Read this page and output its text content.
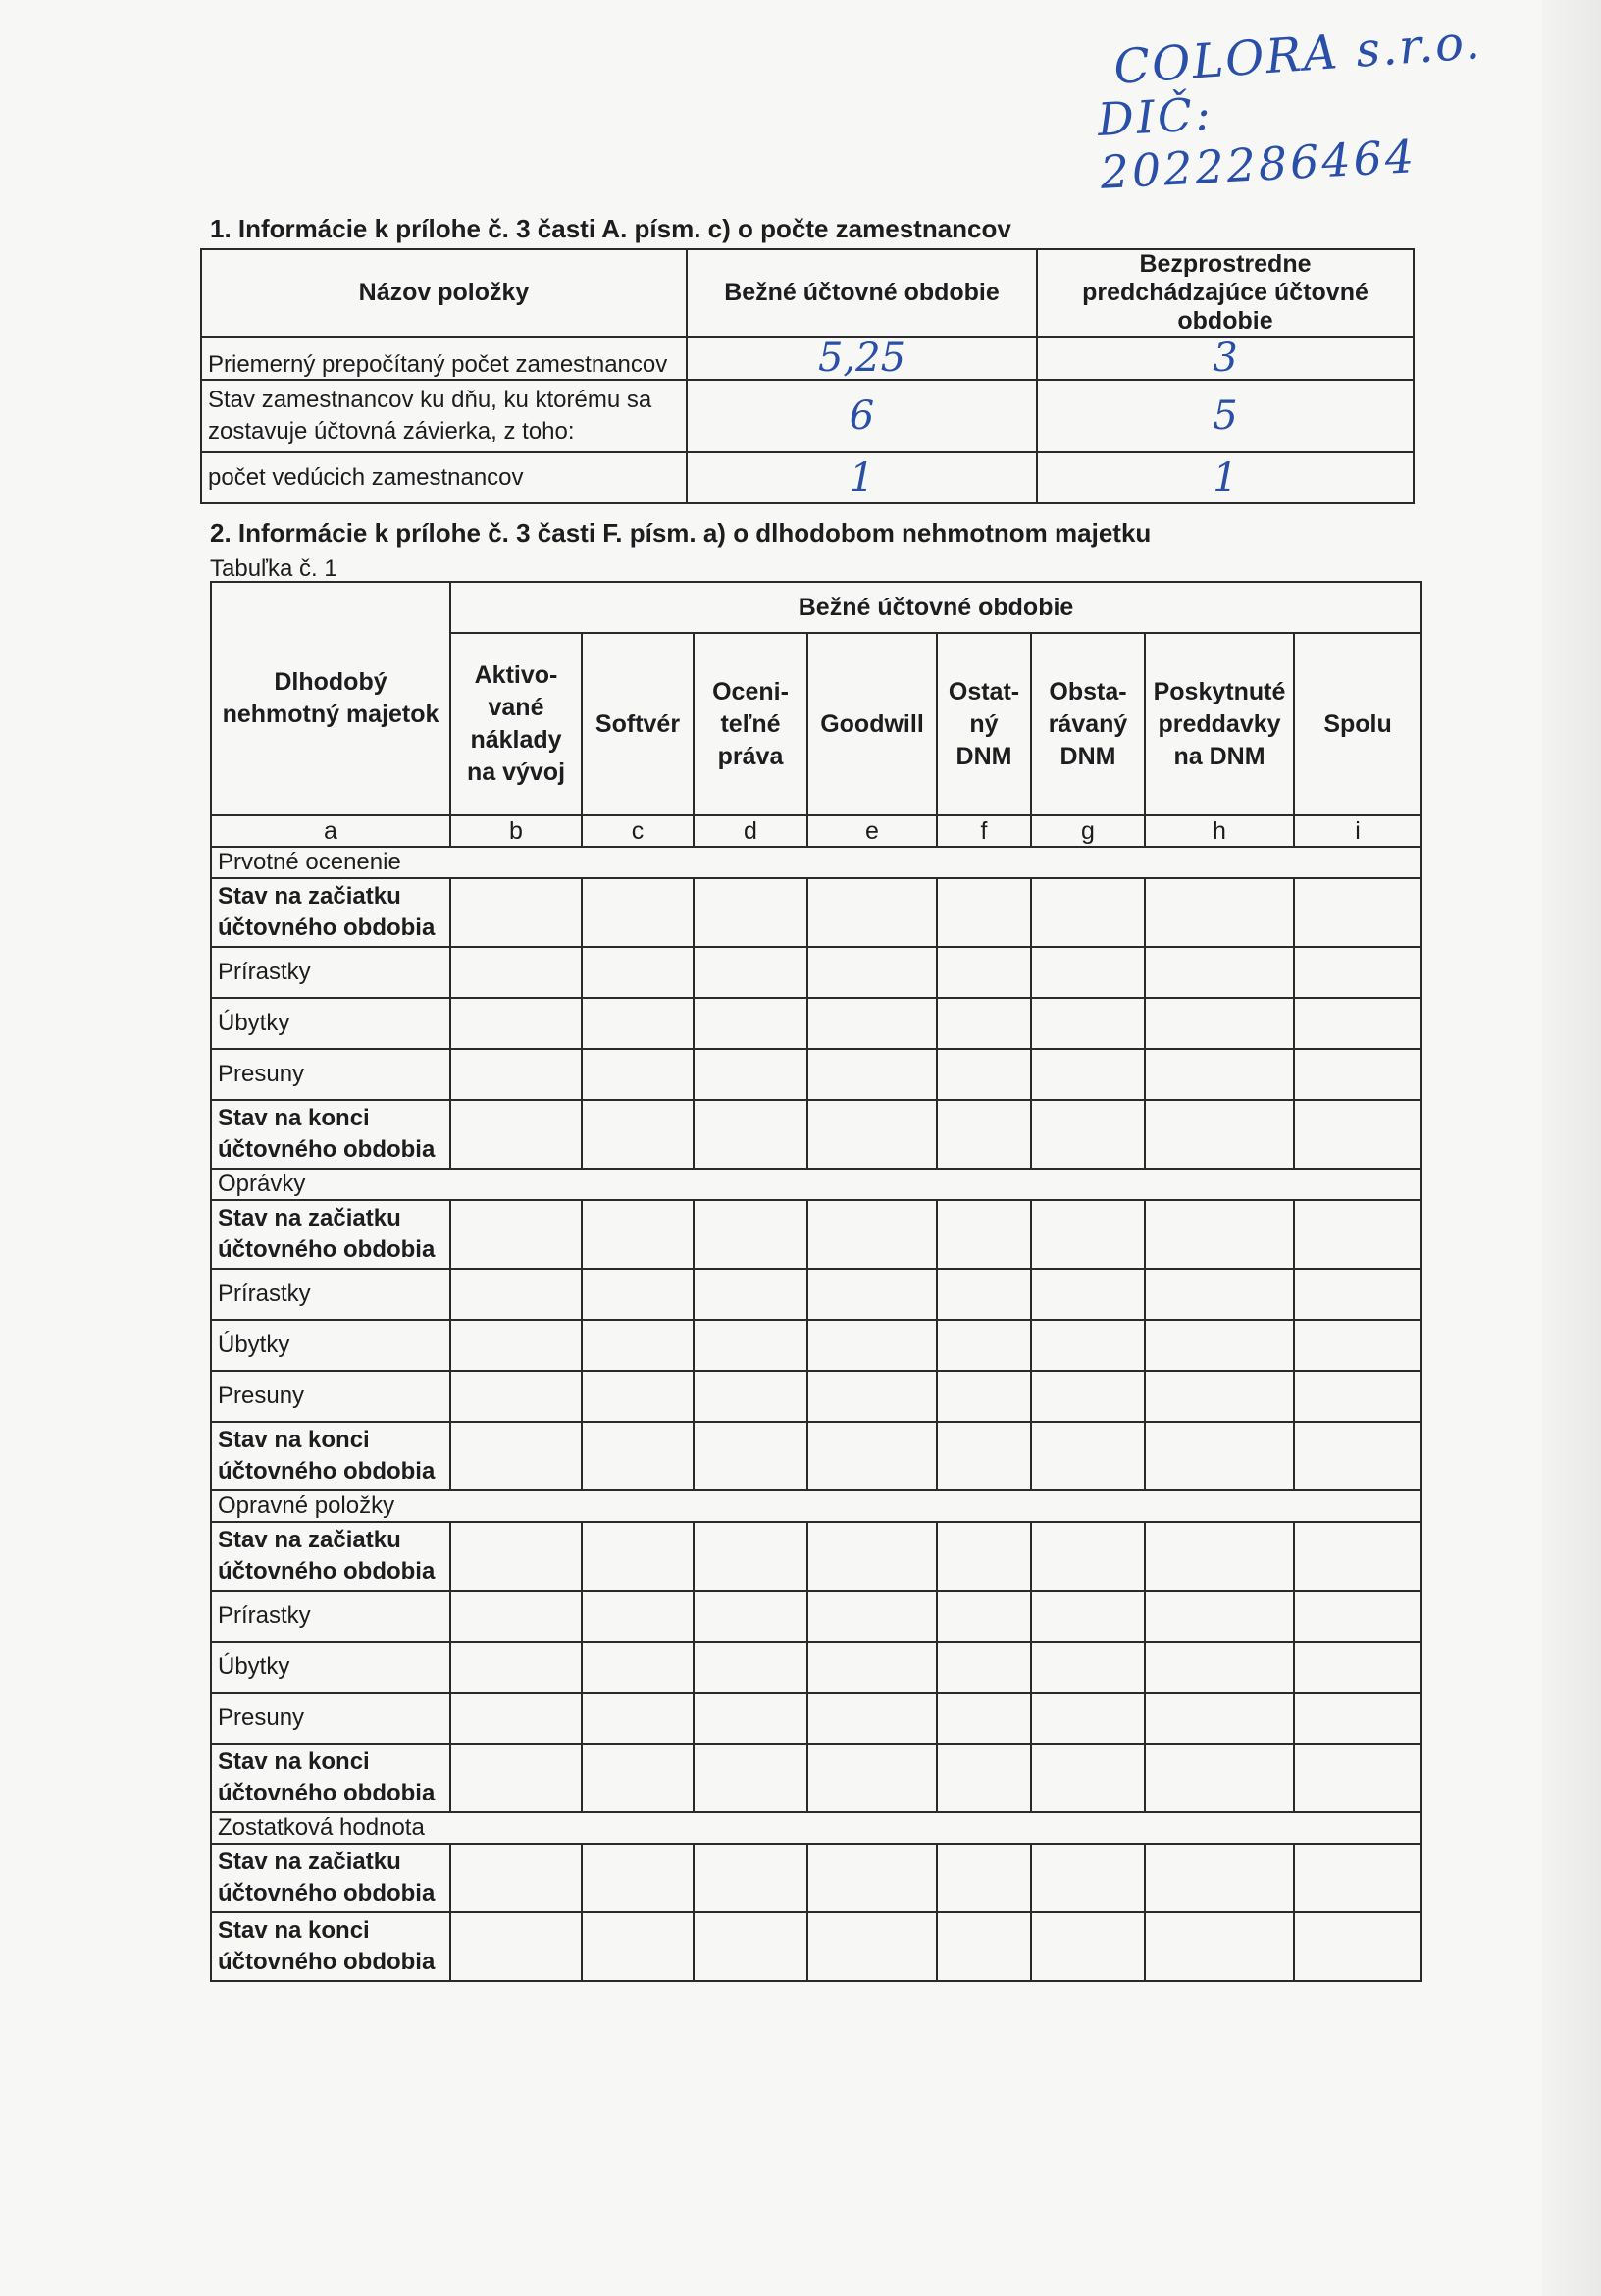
COLORA s.r.o.
DIČ: 2022286464
1. Informácie k prílohe č. 3 časti A. písm. c) o počte zamestnancov
Názov položky	Bežné účtovné obdobie	Bezprostredne predchádzajúce účtovné obdobie
Priemerný prepočítaný počet zamestnancov	5,25	3
Stav zamestnancov ku dňu, ku ktorému sa zostavuje účtovná závierka, z toho:	6	5
počet vedúcich zamestnancov	1	1
2. Informácie k prílohe č. 3 časti F. písm. a) o dlhodobom nehmotnom majetku
Tabuľka č. 1
Dlhodobý nehmotný majetok	Bežné účtovné obdobie							
	Aktivo-vané náklady na vývoj	Softvér	Oceni-teľné práva	Goodwill	Ostat-ný DNM	Obsta-rávaný DNM	Poskytnuté preddavky na DNM	Spolu
a	b	c	d	e	f	g	h	i
Prvotné ocenenie								
Stav na začiatku účtovného obdobia								
Prírastky								
Úbytky								
Presuny								
Stav na konci účtovného obdobia								
Oprávky								
Stav na začiatku účtovného obdobia								
Prírastky								
Úbytky								
Presuny								
Stav na konci účtovného obdobia								
Opravné položky								
Stav na začiatku účtovného obdobia								
Prírastky								
Úbytky								
Presuny								
Stav na konci účtovného obdobia								
Zostatková hodnota								
Stav na začiatku účtovného obdobia								
Stav na konci účtovného obdobia								
